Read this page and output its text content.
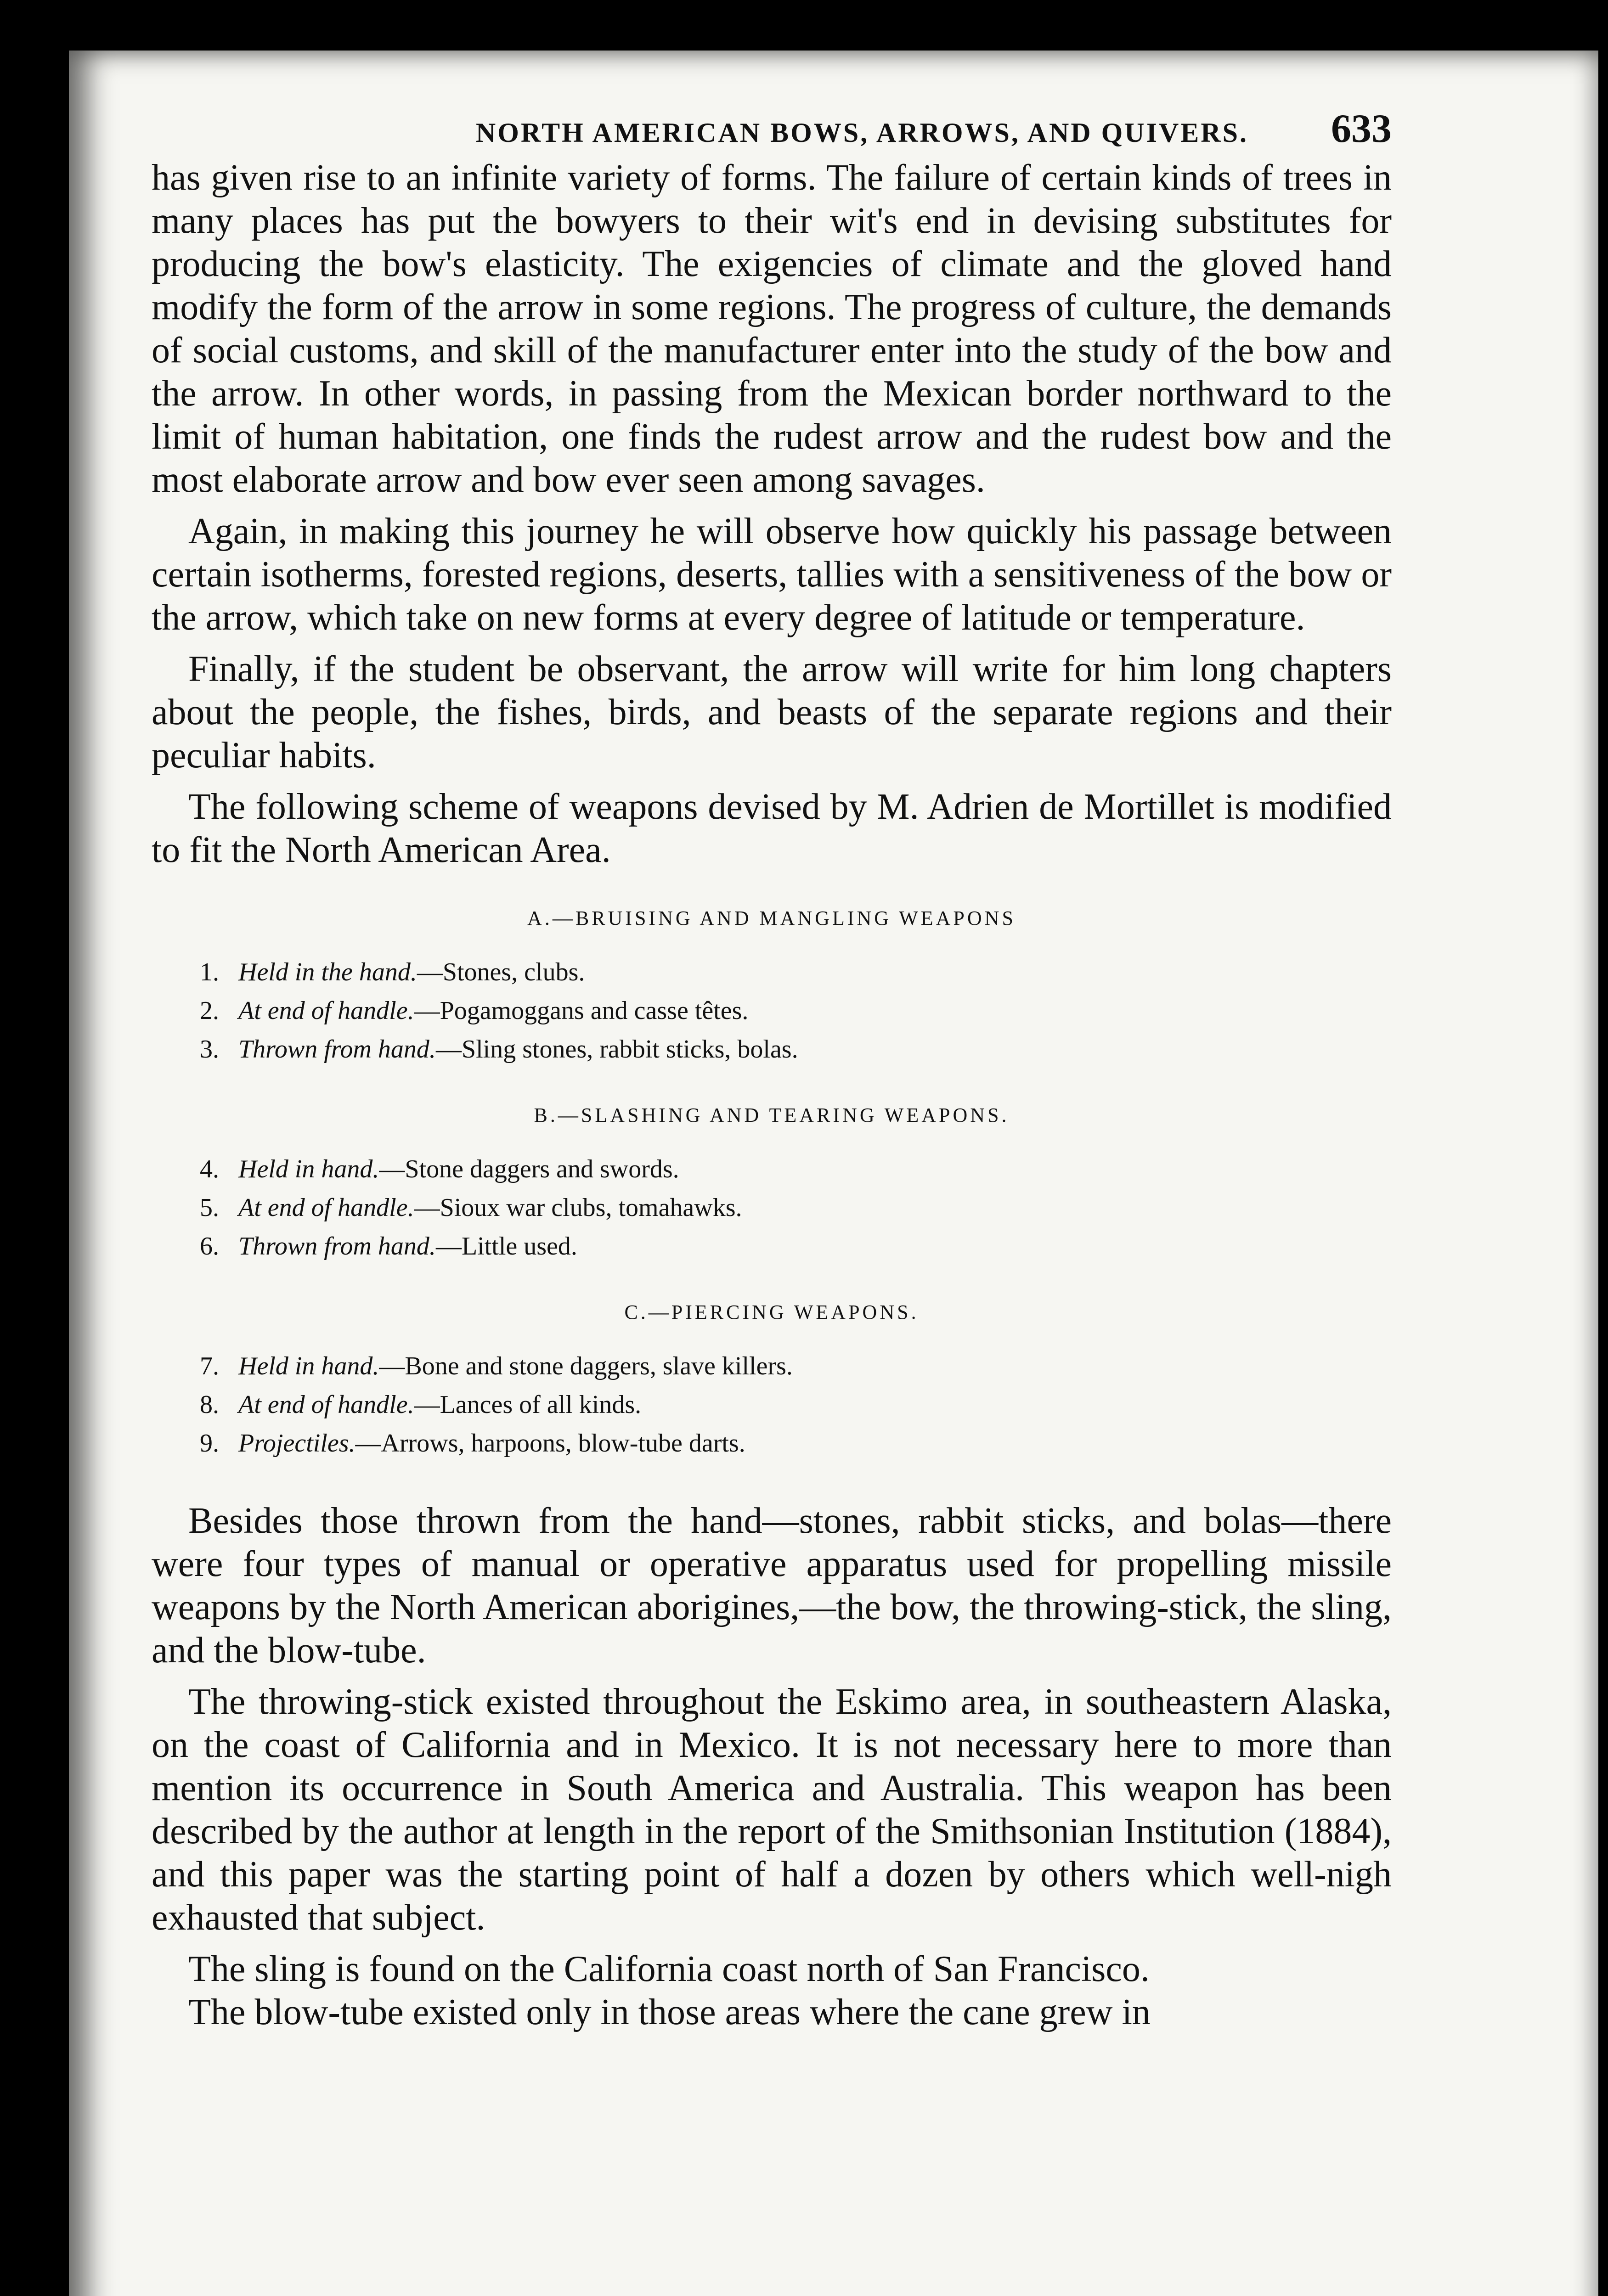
NORTH AMERICAN BOWS, ARROWS, AND QUIVERS. 633

has given rise to an infinite variety of forms. The failure of certain kinds of trees in many places has put the bowyers to their wit's end in devising substitutes for producing the bow's elasticity. The exigencies of climate and the gloved hand modify the form of the arrow in some regions. The progress of culture, the demands of social customs, and skill of the manufacturer enter into the study of the bow and the arrow. In other words, in passing from the Mexican border northward to the limit of human habitation, one finds the rudest arrow and the rudest bow and the most elaborate arrow and bow ever seen among savages.

Again, in making this journey he will observe how quickly his passage between certain isotherms, forested regions, deserts, tallies with a sensitiveness of the bow or the arrow, which take on new forms at every degree of latitude or temperature.

Finally, if the student be observant, the arrow will write for him long chapters about the people, the fishes, birds, and beasts of the separate regions and their peculiar habits.

The following scheme of weapons devised by M. Adrien de Mortillet is modified to fit the North American Area.

A.—BRUISING AND MANGLING WEAPONS
1. Held in the hand.—Stones, clubs.
2. At end of handle.—Pogamoggans and casse têtes.
3. Thrown from hand.—Sling stones, rabbit sticks, bolas.
B.—SLASHING AND TEARING WEAPONS.
4. Held in hand.—Stone daggers and swords.
5. At end of handle.—Sioux war clubs, tomahawks.
6. Thrown from hand.—Little used.
C.—PIERCING WEAPONS.
7. Held in hand.—Bone and stone daggers, slave killers.
8. At end of handle.—Lances of all kinds.
9. Projectiles.—Arrows, harpoons, blow-tube darts.

Besides those thrown from the hand—stones, rabbit sticks, and bolas—there were four types of manual or operative apparatus used for propelling missile weapons by the North American aborigines,—the bow, the throwing-stick, the sling, and the blow-tube.

The throwing-stick existed throughout the Eskimo area, in southeastern Alaska, on the coast of California and in Mexico. It is not necessary here to more than mention its occurrence in South America and Australia. This weapon has been described by the author at length in the report of the Smithsonian Institution (1884), and this paper was the starting point of half a dozen by others which well-nigh exhausted that subject.

The sling is found on the California coast north of San Francisco.

The blow-tube existed only in those areas where the cane grew in
